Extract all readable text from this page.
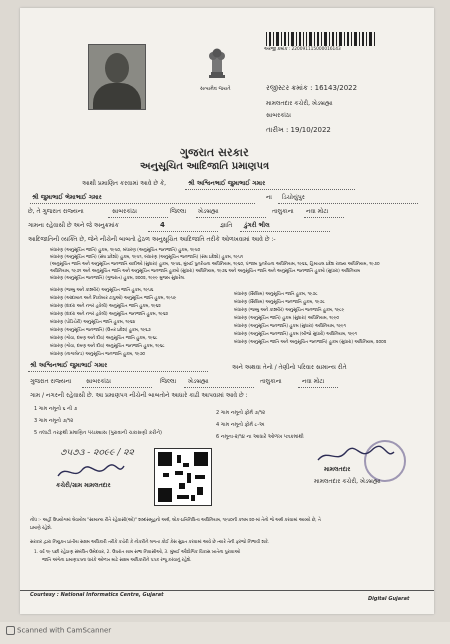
સત્યમેવ જયતે
અરજી ક્રમાંક : 220091115000016143
રજીસ્ટર ક્રમાંક : 16143/2022
મામલતદાર કચેરી, ખેડબ્રહ્મા
સાબરકાંઠા
તારીખ : 19/10/2022
ગુજરાત સરકાર
અનુસૂચિત આદિજાતિ પ્રમાણપત્ર
આથી પ્રમાણિત કરવામાં આવે છે કે,	શ્રી અશ્વિનભાઈ જુમાભાઈ ગમાર
શ્રી જુમાભાઈ ભેમાભાઈ ગમાર	ના ડિચોયુંપુર
છે, તે ગુજરાત રાજ્યના	સાબરકાંઠા	જિલ્લા ખેડબ્રહ્મા	તાલુકાના નવા મોટા
ગામના રહેવાસી છે અને જ઼ે અનુક્રમાંક	4	જ્ઞાતિ ડુંગરી ભીલ
આદિજાતિની વ્યક્તિ છે, જેને નીચેની બાબતો હેઠળ અનુસૂચિત આદિજાતિ તરીકે ઓળખવામાં આવે છે :-
બંધારણ (અનુસૂચિત જાતિ) હુકમ, ૧૯૫૦, બંધારણ (અનુસૂચિત જનજાતિ) હુકમ, ૧૯૫૦
બંધારણ (અનુસૂચિત જાતિ) (સંઘ પ્રદેશો) હુકમ, ૧૯૫૧, બંધારણ (અનુસૂચિત જનજાતિ) (સંઘ પ્રદેશો) હુકમ, ૧૯૫૧
(અનુસૂચિત જાતિ અને અનુસૂચિત જનજાતિ યાદીઓ (સુધારા) હુકમ, ૧૯૫૬, મુંબઈ પુનર્રચના અધિનિયમ, ૧૯૬૦, પંજાબ પુનર્રચના અધિનિયમ, ૧૯૬૬, હિમાચલ પ્રદેશ રાજ્ય અધિનિયમ, ૧૯૭૦
અધિનિયમ, ૧૯૭૧ અને અનુસૂચિત જાતિ અને અનુસૂચિત જનજાતિ હુકમો (સુધારા) અધિનિયમ, ૧૯૭૬ અને અનુસૂચિત જાતિ અને અનુસૂચિત જનજાતિ હુકમો (સુધારા) અધિનિયમ
બંધારણ (અનુસૂચિત જનજાતિ) (ગુજરાત) હુકમ, ૨૦૦૨, ૧૯૯૯ મુજબ સુધારેલ.
બંધારણ (જમ્મુ અને કાશ્મીર) અનુસૂચિત જાતિ હુકમ, ૧૯૫૬
બંધારણ (આંદામાન અને નિકોબાર ટાપુઓ) અનુસૂચિત જાતિ હુકમ, ૧૯૫૯
બંધારણ (દાદરા અને નગર હવેલી) અનુસૂચિત જાતિ હુકમ, ૧૯૬૨
બંધારણ (દાદરા અને નગર હવેલી) અનુસૂચિત જનજાતિ હુકમ, ૧૯૬૨
બંધારણ (પોંડિચેરી) અનુસૂચિત જાતિ હુકમ, ૧૯૬૪
બંધારણ (અનુસૂચિત જનજાતિ) (ઉત્તર પ્રદેશ) હુકમ, ૧૯૬૭
બંધારણ (ગોવા, દમણ અને દીવ) અનુસૂચિત જાતિ હુકમ, ૧૯૬૮
બંધારણ (ગોવા, દમણ અને દીવ) અનુસૂચિત જનજાતિ હુકમ, ૧૯૬૮
બંધારણ (નાગાલેન્ડ) અનુસૂચિત જનજાતિ હુકમ, ૧૯૭૦
બંધારણ (સિક્કિમ) અનુસૂચિત જાતિ હુકમ, ૧૯૭૮
બંધારણ (સિક્કિમ) અનુસૂચિત જનજાતિ હુકમ, ૧૯૭૮
બંધારણ (જમ્મુ અને કાશ્મીર) અનુસૂચિત જનજાતિ હુકમ, ૧૯૮૯
બંધારણ (અનુસૂચિત જાતિ) હુકમ (સુધારા) અધિનિયમ, ૧૯૯૦
બંધારણ (અનુસૂચિત જનજાતિ) હુકમ (સુધારા) અધિનિયમ, ૧૯૯૧
બંધારણ (અનુસૂચિત જનજાતિ) હુકમ (બીજો સુધારો) અધિનિયમ, ૧૯૯૧
બંધારણ (અનુસૂચિત જાતિ અને અનુસૂચિત જનજાતિ) હુકમ (સુધારા) અધિનિયમ, ૨૦૦૨
શ્રી અશ્વિનભાઈ જુમાભાઈ ગમાર	અને અથવા તેનો / તેણીનો પરિવાર સામાન્ય રીતે
ગુજરાત રાજ્યના સાબરકાંઠા	જિલ્લા ખેડબ્રહ્મા	તાલુકાના	નવા મોટા
ગામ / નગરની રહેવાસી છે. આ પ્રમાણપત્ર નીચેની બાબતોને આધારે કાઢી આપવામાં આવે છે :
1 ગામ નમૂનો ૬ ની ૭
3 ગામ નમૂનો ૭/૧૨
5 તલાટી તરફથી પ્રમાણિત પંચક્યાસ (પુરાવાની ચકાસણી કરીને)
2 ગામ નમૂનો ફોર્મ ૭/૧૨
4 ગામ નમૂનો ફોર્મ ૮-અ
6 નમૂના-૨/૧૪ ના આધારે ઓળખ પત્રકમાંથી
૭૫૭૩ - ૨૦૯૯ / ૨૨
કચેરી/ગ્રામ મામલતદાર
મામલતદાર
મામલતદાર કચેરી, ખેડબ્રહ્મા
નોંધ :- અહીં ઉપયોગમાં લેવાયેલ "સામાન્ય રીતે રહેવાસી(ઓ)" શબ્દસમૂહનો અર્થ, લોક-પ્રતિનિધિત્વ અધિનિયમ, ૧૯૫૦ની કલમ ૨૦-માં તેનો જે અર્થ કરવામાં આવ્યો છે, તે
પ્રમાણે રહેશે.
સરકાર દ્વારા નિયુક્ત પ્રાંતીય સક્ષમ અધિકારી તરીકે કચેરી કે નોકરીને લગતા કોઈ કેસ સુપ્રત કરવામાં આવે છે ત્યારે તેની ફરજો નિભાવી શકે.
1. વર્ષ ૧૯ પછી રહેઠાણ સંબંધિત ઉમેદવાર, 2. ઉપરાંત ગ્રામ સભા નિવાસીઓ, 3. મુંબઈ ઔદ્યોગિક વિકાસ ખાતેના પુરાવાઓ
જાતિ અંગેના પ્રમાણપત્રના ધારકે ઓળખ માટે સક્ષમ અધિકારીને પત્રક રજૂ કરવાનું રહેશે.
Courtesy : National Informatics Centre, Gujarat
Digital Gujarat
Scanned with CamScanner
